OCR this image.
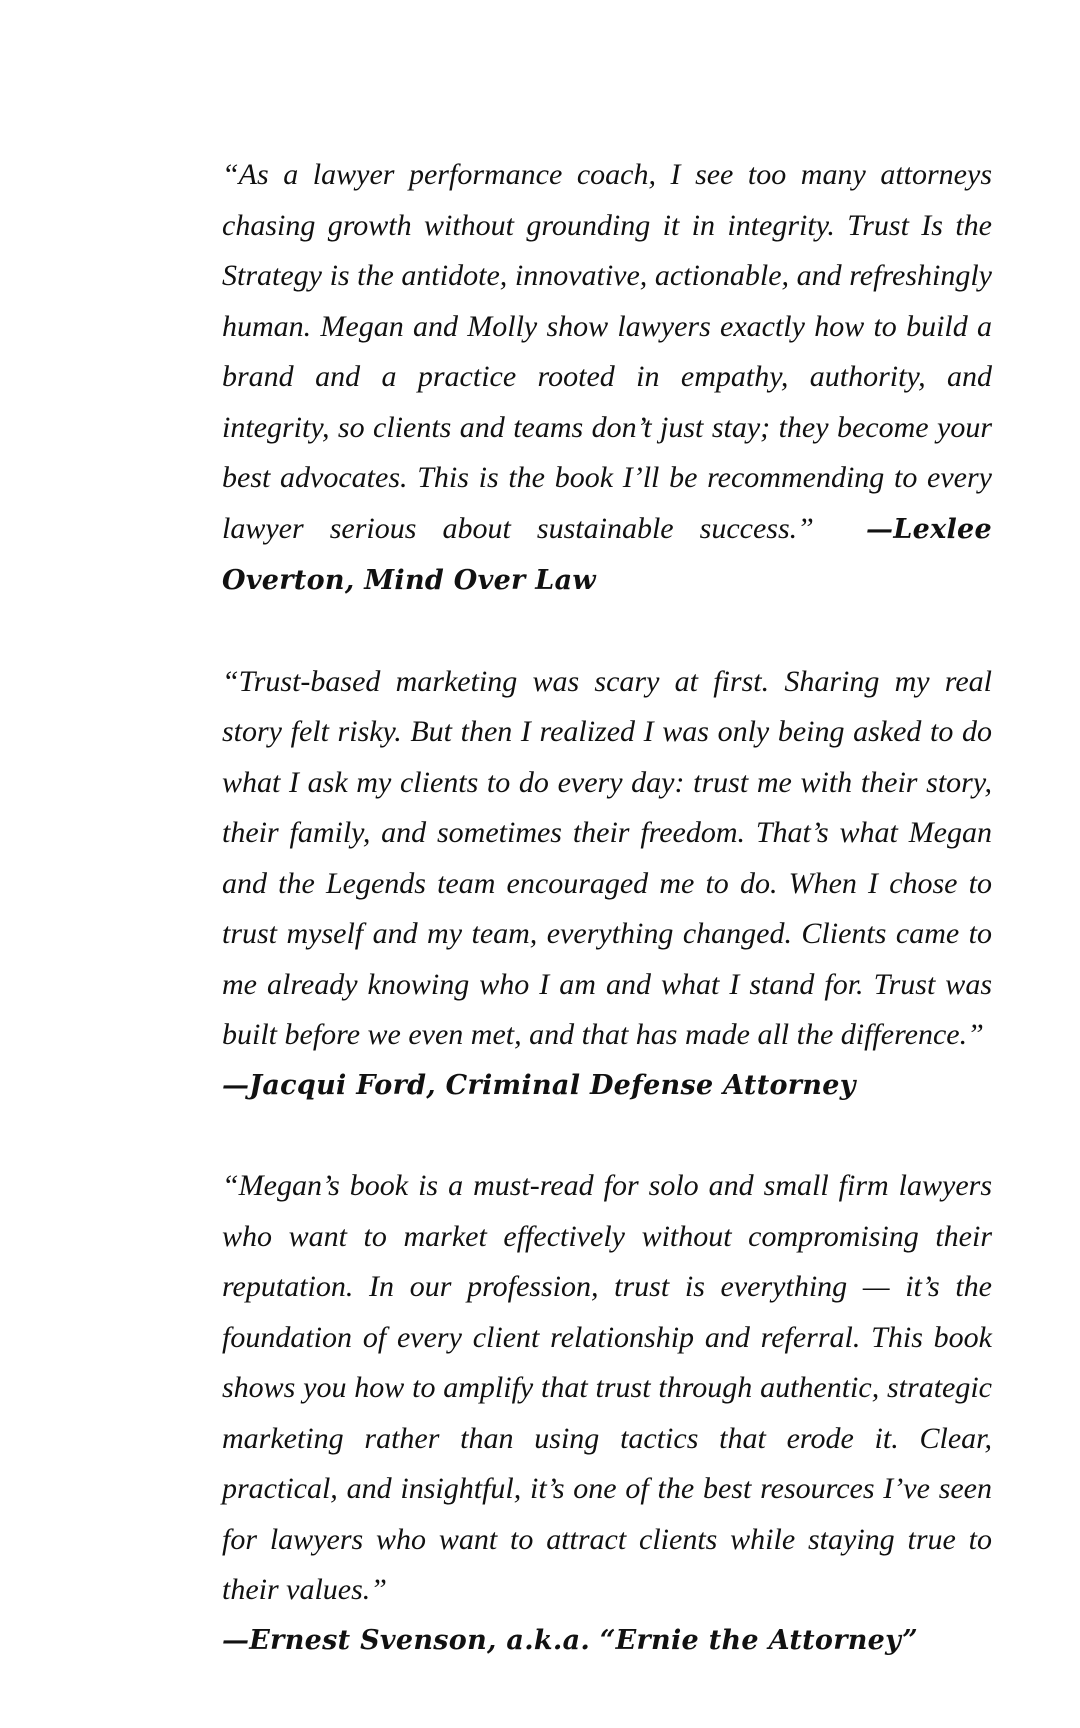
“As a lawyer performance coach, I see too many attorneys chasing growth without grounding it in integrity. Trust Is the Strategy is the antidote, innovative, actionable, and refreshingly human. Megan and Molly show lawyers exactly how to build a brand and a practice rooted in empathy, authority, and integrity, so clients and teams don’t just stay; they become your best advocates. This is the book I’ll be recommending to every lawyer serious about sustainable success.” —Lexlee Overton, Mind Over Law

“Trust-based marketing was scary at first. Sharing my real story felt risky. But then I realized I was only being asked to do what I ask my clients to do every day: trust me with their story, their family, and sometimes their freedom. That’s what Megan and the Legends team encouraged me to do. When I chose to trust myself and my team, everything changed. Clients came to me already knowing who I am and what I stand for. Trust was built before we even met, and that has made all the difference.”
—Jacqui Ford, Criminal Defense Attorney

“Megan’s book is a must-read for solo and small firm lawyers who want to market effectively without compromising their reputation. In our profession, trust is everything — it’s the foundation of every client relationship and referral. This book shows you how to amplify that trust through authentic, strategic marketing rather than using tactics that erode it. Clear, practical, and insightful, it’s one of the best resources I’ve seen for lawyers who want to attract clients while staying true to their values.”
—Ernest Svenson, a.k.a. “Ernie the Attorney”
